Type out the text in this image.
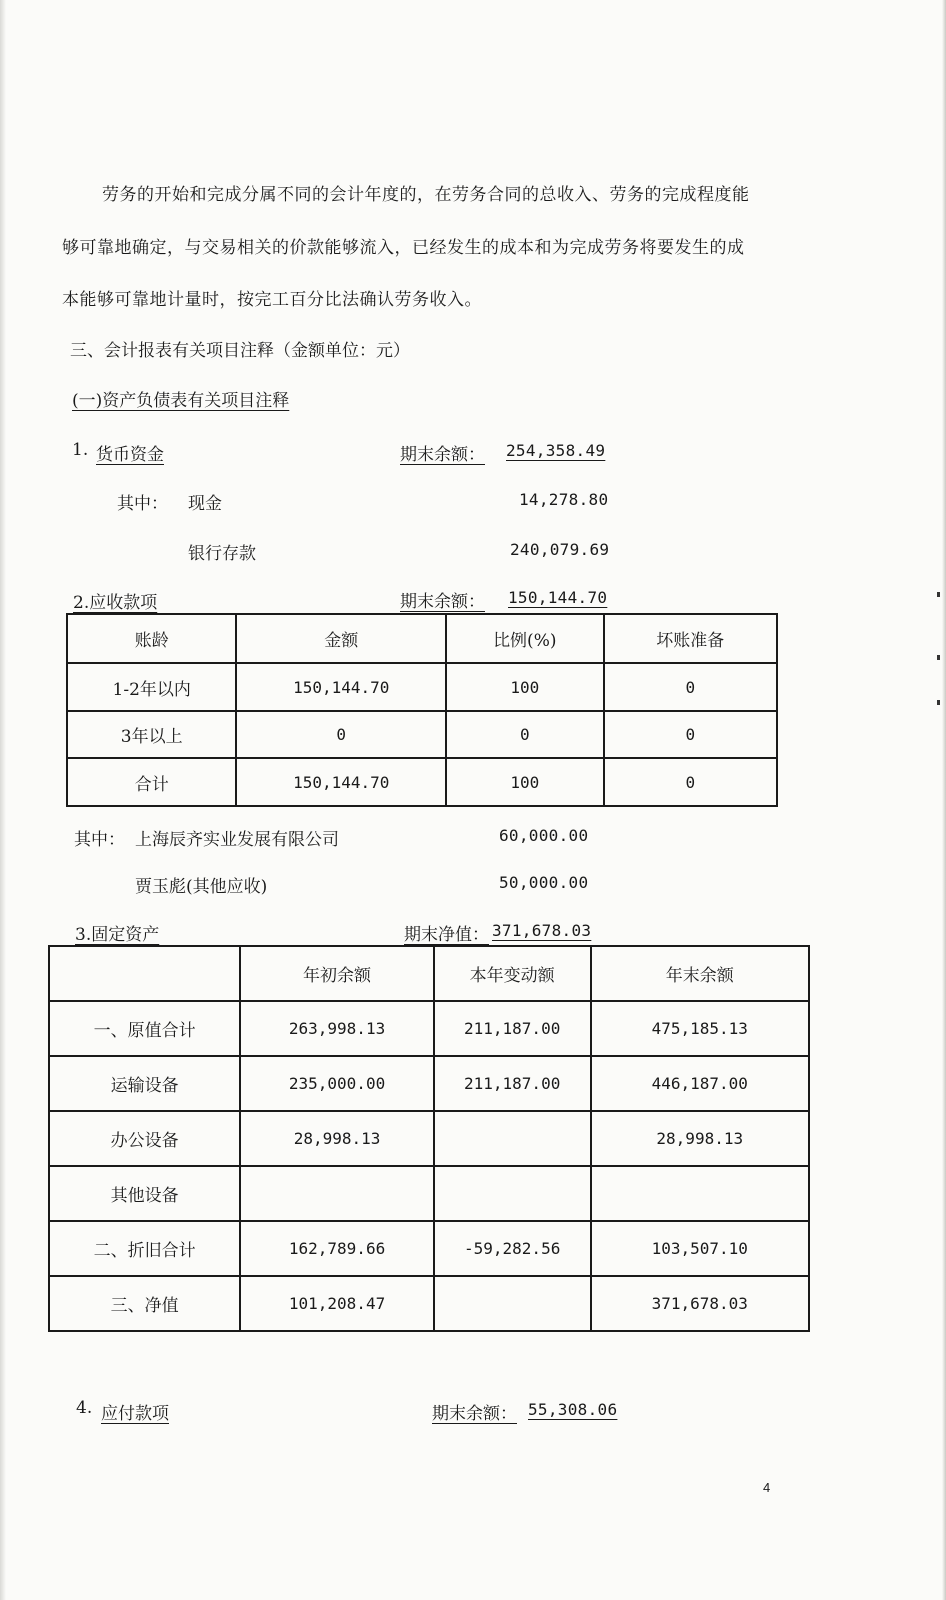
劳务的开始和完成分属不同的会计年度的，在劳务合同的总收入、劳务的完成程度能
够可靠地确定，与交易相关的价款能够流入，已经发生的成本和为完成劳务将要发生的成
本能够可靠地计量时，按完工百分比法确认劳务收入。
三、会计报表有关项目注释（金额单位：元）
(一)资产负债表有关项目注释
1. 货币资金	期末余额： 254,358.49
其中： 现金	14,278.80
银行存款	240,079.69
2.应收款项	期末余额： 150,144.70
账龄	金额	比例(%)	坏账准备
1-2年以内	150,144.70	100	0
3年以上	0	0	0
合计	150,144.70	100	0
其中： 上海辰齐实业发展有限公司	60,000.00
贾玉彪(其他应收)	50,000.00
3.固定资产	期末净值： 371,678.03
	年初余额	本年变动额	年末余额
一、原值合计	263,998.13	211,187.00	475,185.13
运输设备	235,000.00	211,187.00	446,187.00
办公设备	28,998.13		28,998.13
其他设备			
二、折旧合计	162,789.66	-59,282.56	103,507.10
三、净值	101,208.47		371,678.03
4. 应付款项	期末余额： 55,308.06
4
